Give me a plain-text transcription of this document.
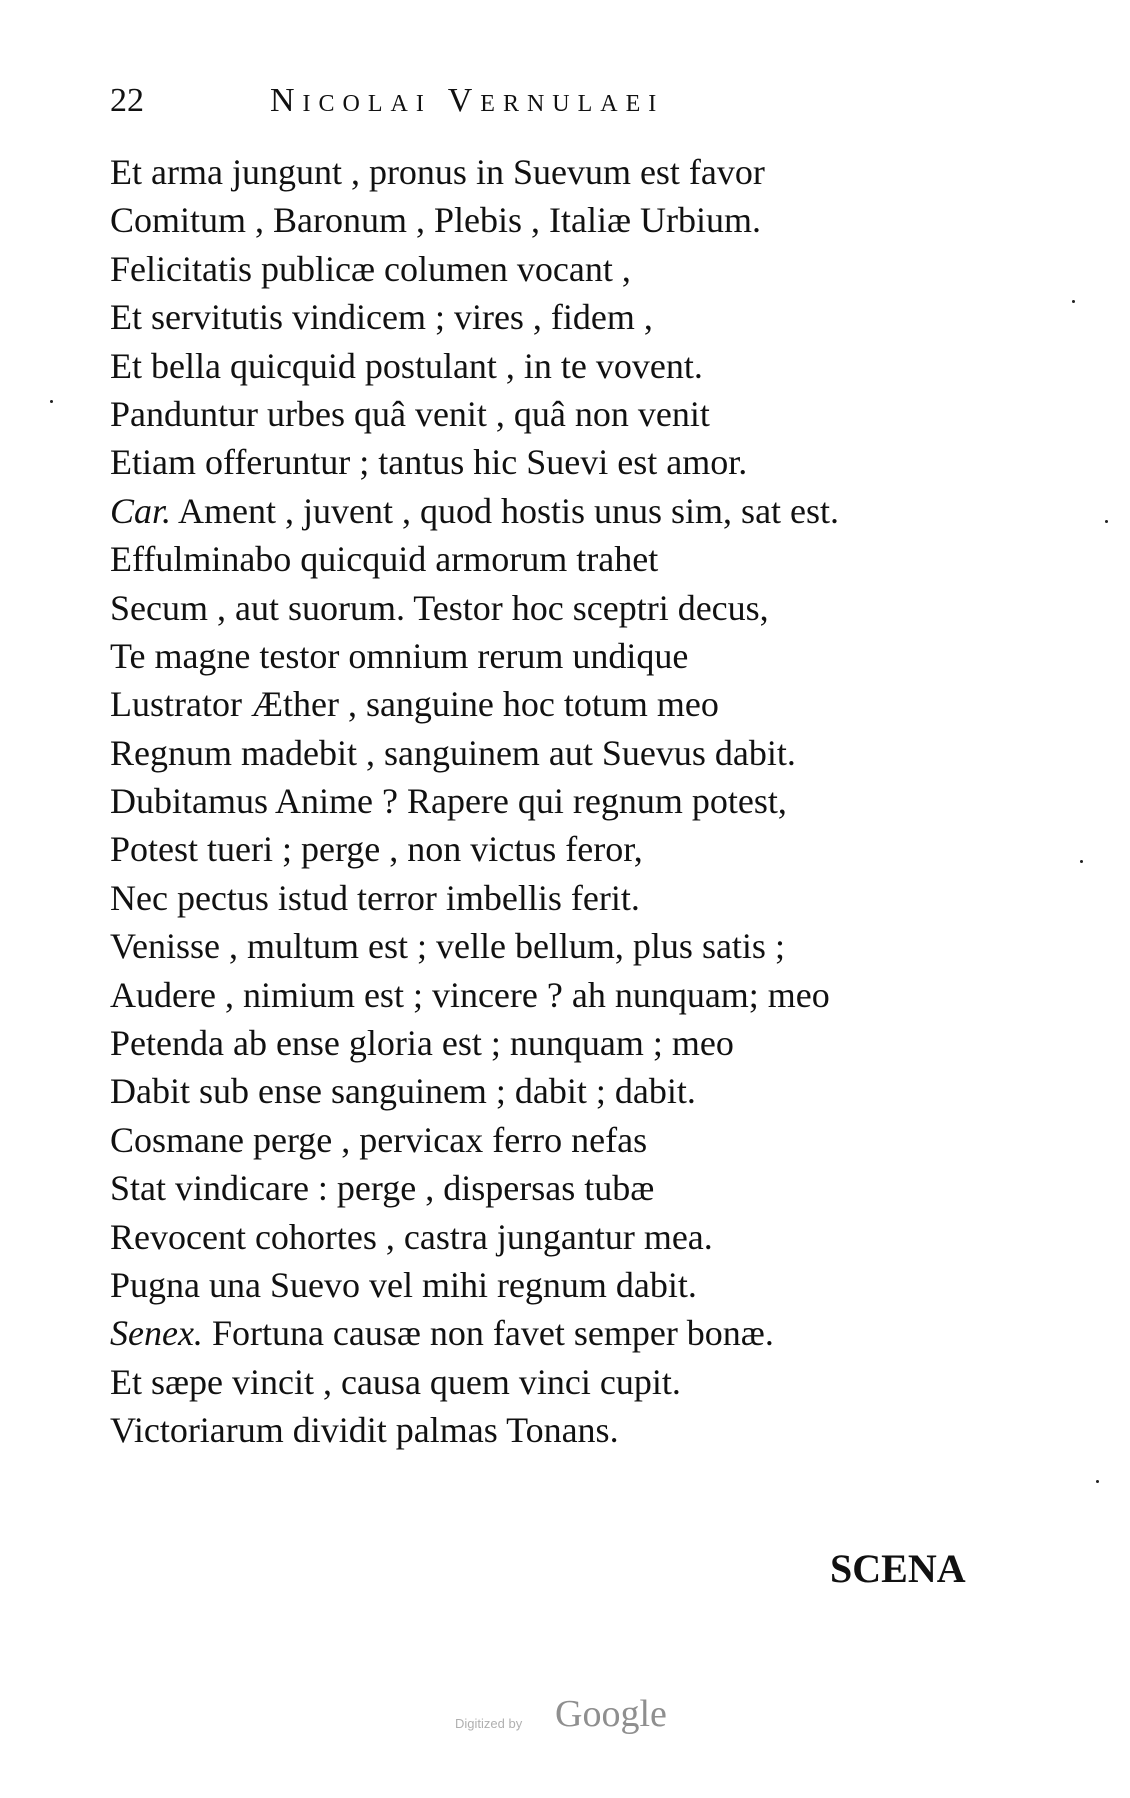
22	Nicolai Vernulaei
Et arma jungunt , pronus in Suevum est favor
Comitum , Baronum , Plebis , Italiæ Urbium.
Felicitatis publicæ columen vocant ,
Et servitutis vindicem ; vires , fidem ,
Et bella quicquid postulant , in te vovent.
Panduntur urbes quâ venit , quâ non venit
Etiam offeruntur ; tantus hic Suevi est amor.
Car. Ament , juvent , quod hostis unus sim, sat est.
Effulminabo quicquid armorum trahet
Secum , aut suorum. Testor hoc sceptri decus,
Te magne testor omnium rerum undique
Lustrator Æther , sanguine hoc totum meo
Regnum madebit , sanguinem aut Suevus dabit.
Dubitamus Anime ? Rapere qui regnum potest,
Potest tueri ; perge , non victus feror,
Nec pectus istud terror imbellis ferit.
Venisse , multum est ; velle bellum, plus satis ;
Audere , nimium est ; vincere ? ah nunquam; meo
Petenda ab ense gloria est ; nunquam ; meo
Dabit sub ense sanguinem ; dabit ; dabit.
Cosmane perge , pervicax ferro nefas
Stat vindicare : perge , dispersas tubæ
Revocent cohortes , castra jungantur mea.
Pugna una Suevo vel mihi regnum dabit.
Senex. Fortuna causæ non favet semper bonæ.
Et sæpe vincit , causa quem vinci cupit.
Victoriarum dividit palmas Tonans.
SCENA
Digitized by Google
